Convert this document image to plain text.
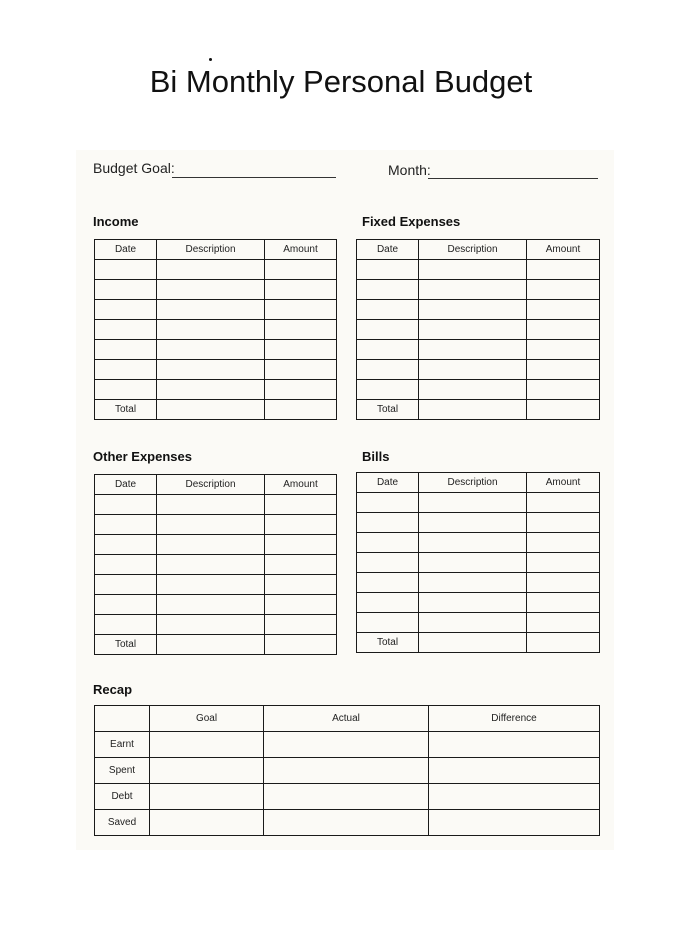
Bi Monthly Personal Budget
Budget Goal:	Month:
Income
Date	Description	Amount

Total		
Fixed Expenses
Date	Description	Amount

Total		
Other Expenses
Date	Description	Amount

Total		
Bills
Date	Description	Amount

Total		
Recap
	Goal	Actual	Difference
Earnt			
Spent			
Debt			
Saved			
